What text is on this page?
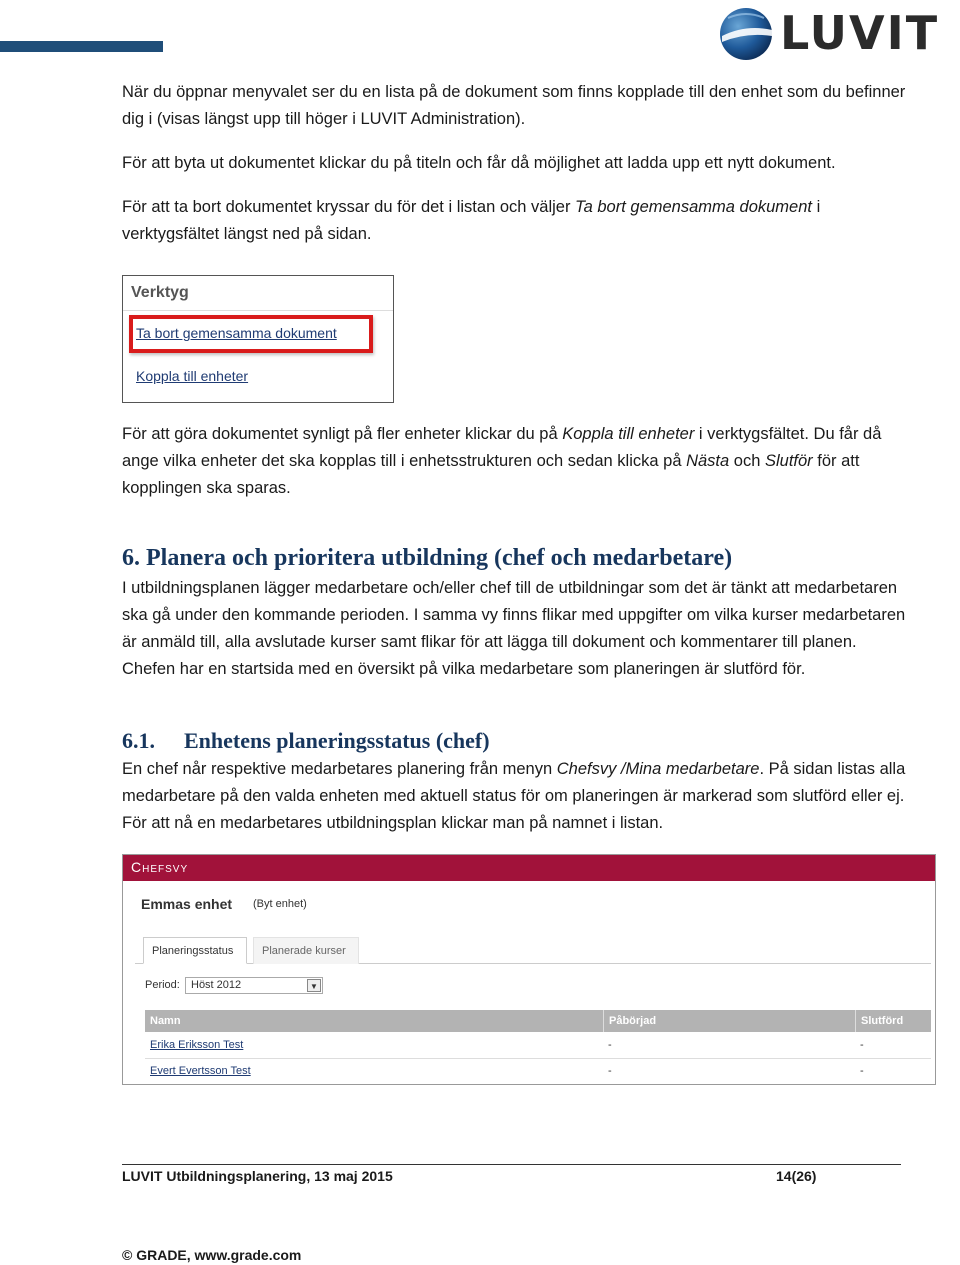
LUVIT

När du öppnar menyvalet ser du en lista på de dokument som finns kopplade till den enhet som du befinner dig i (visas längst upp till höger i LUVIT Administration).

För att byta ut dokumentet klickar du på titeln och får då möjlighet att ladda upp ett nytt dokument.

För att ta bort dokumentet kryssar du för det i listan och väljer Ta bort gemensamma dokument i verktygsfältet längst ned på sidan.

Verktyg
Ta bort gemensamma dokument
Koppla till enheter

För att göra dokumentet synligt på fler enheter klickar du på Koppla till enheter i verktygsfältet. Du får då ange vilka enheter det ska kopplas till i enhetsstrukturen och sedan klicka på Nästa och Slutför för att kopplingen ska sparas.

6. Planera och prioritera utbildning (chef och medarbetare)

I utbildningsplanen lägger medarbetare och/eller chef till de utbildningar som det är tänkt att medarbetaren ska gå under den kommande perioden. I samma vy finns flikar med uppgifter om vilka kurser medarbetaren är anmäld till, alla avslutade kurser samt flikar för att lägga till dokument och kommentarer till planen. Chefen har en startsida med en översikt på vilka medarbetare som planeringen är slutförd för.

6.1. Enhetens planeringsstatus (chef)

En chef når respektive medarbetares planering från menyn Chefsvy /Mina medarbetare. På sidan listas alla medarbetare på den valda enheten med aktuell status för om planeringen är markerad som slutförd eller ej. För att nå en medarbetares utbildningsplan klickar man på namnet i listan.

Chefsvy
Emmas enhet (Byt enhet)
Planeringsstatus	Planerade kurser
Period:	Höst 2012	▼
Namn	Påbörjad	Slutförd
Erika Eriksson Test	-	-
Evert Evertsson Test	-	-
LUVIT Utbildningsplanering, 13 maj 2015	14(26)
© GRADE, www.grade.com
